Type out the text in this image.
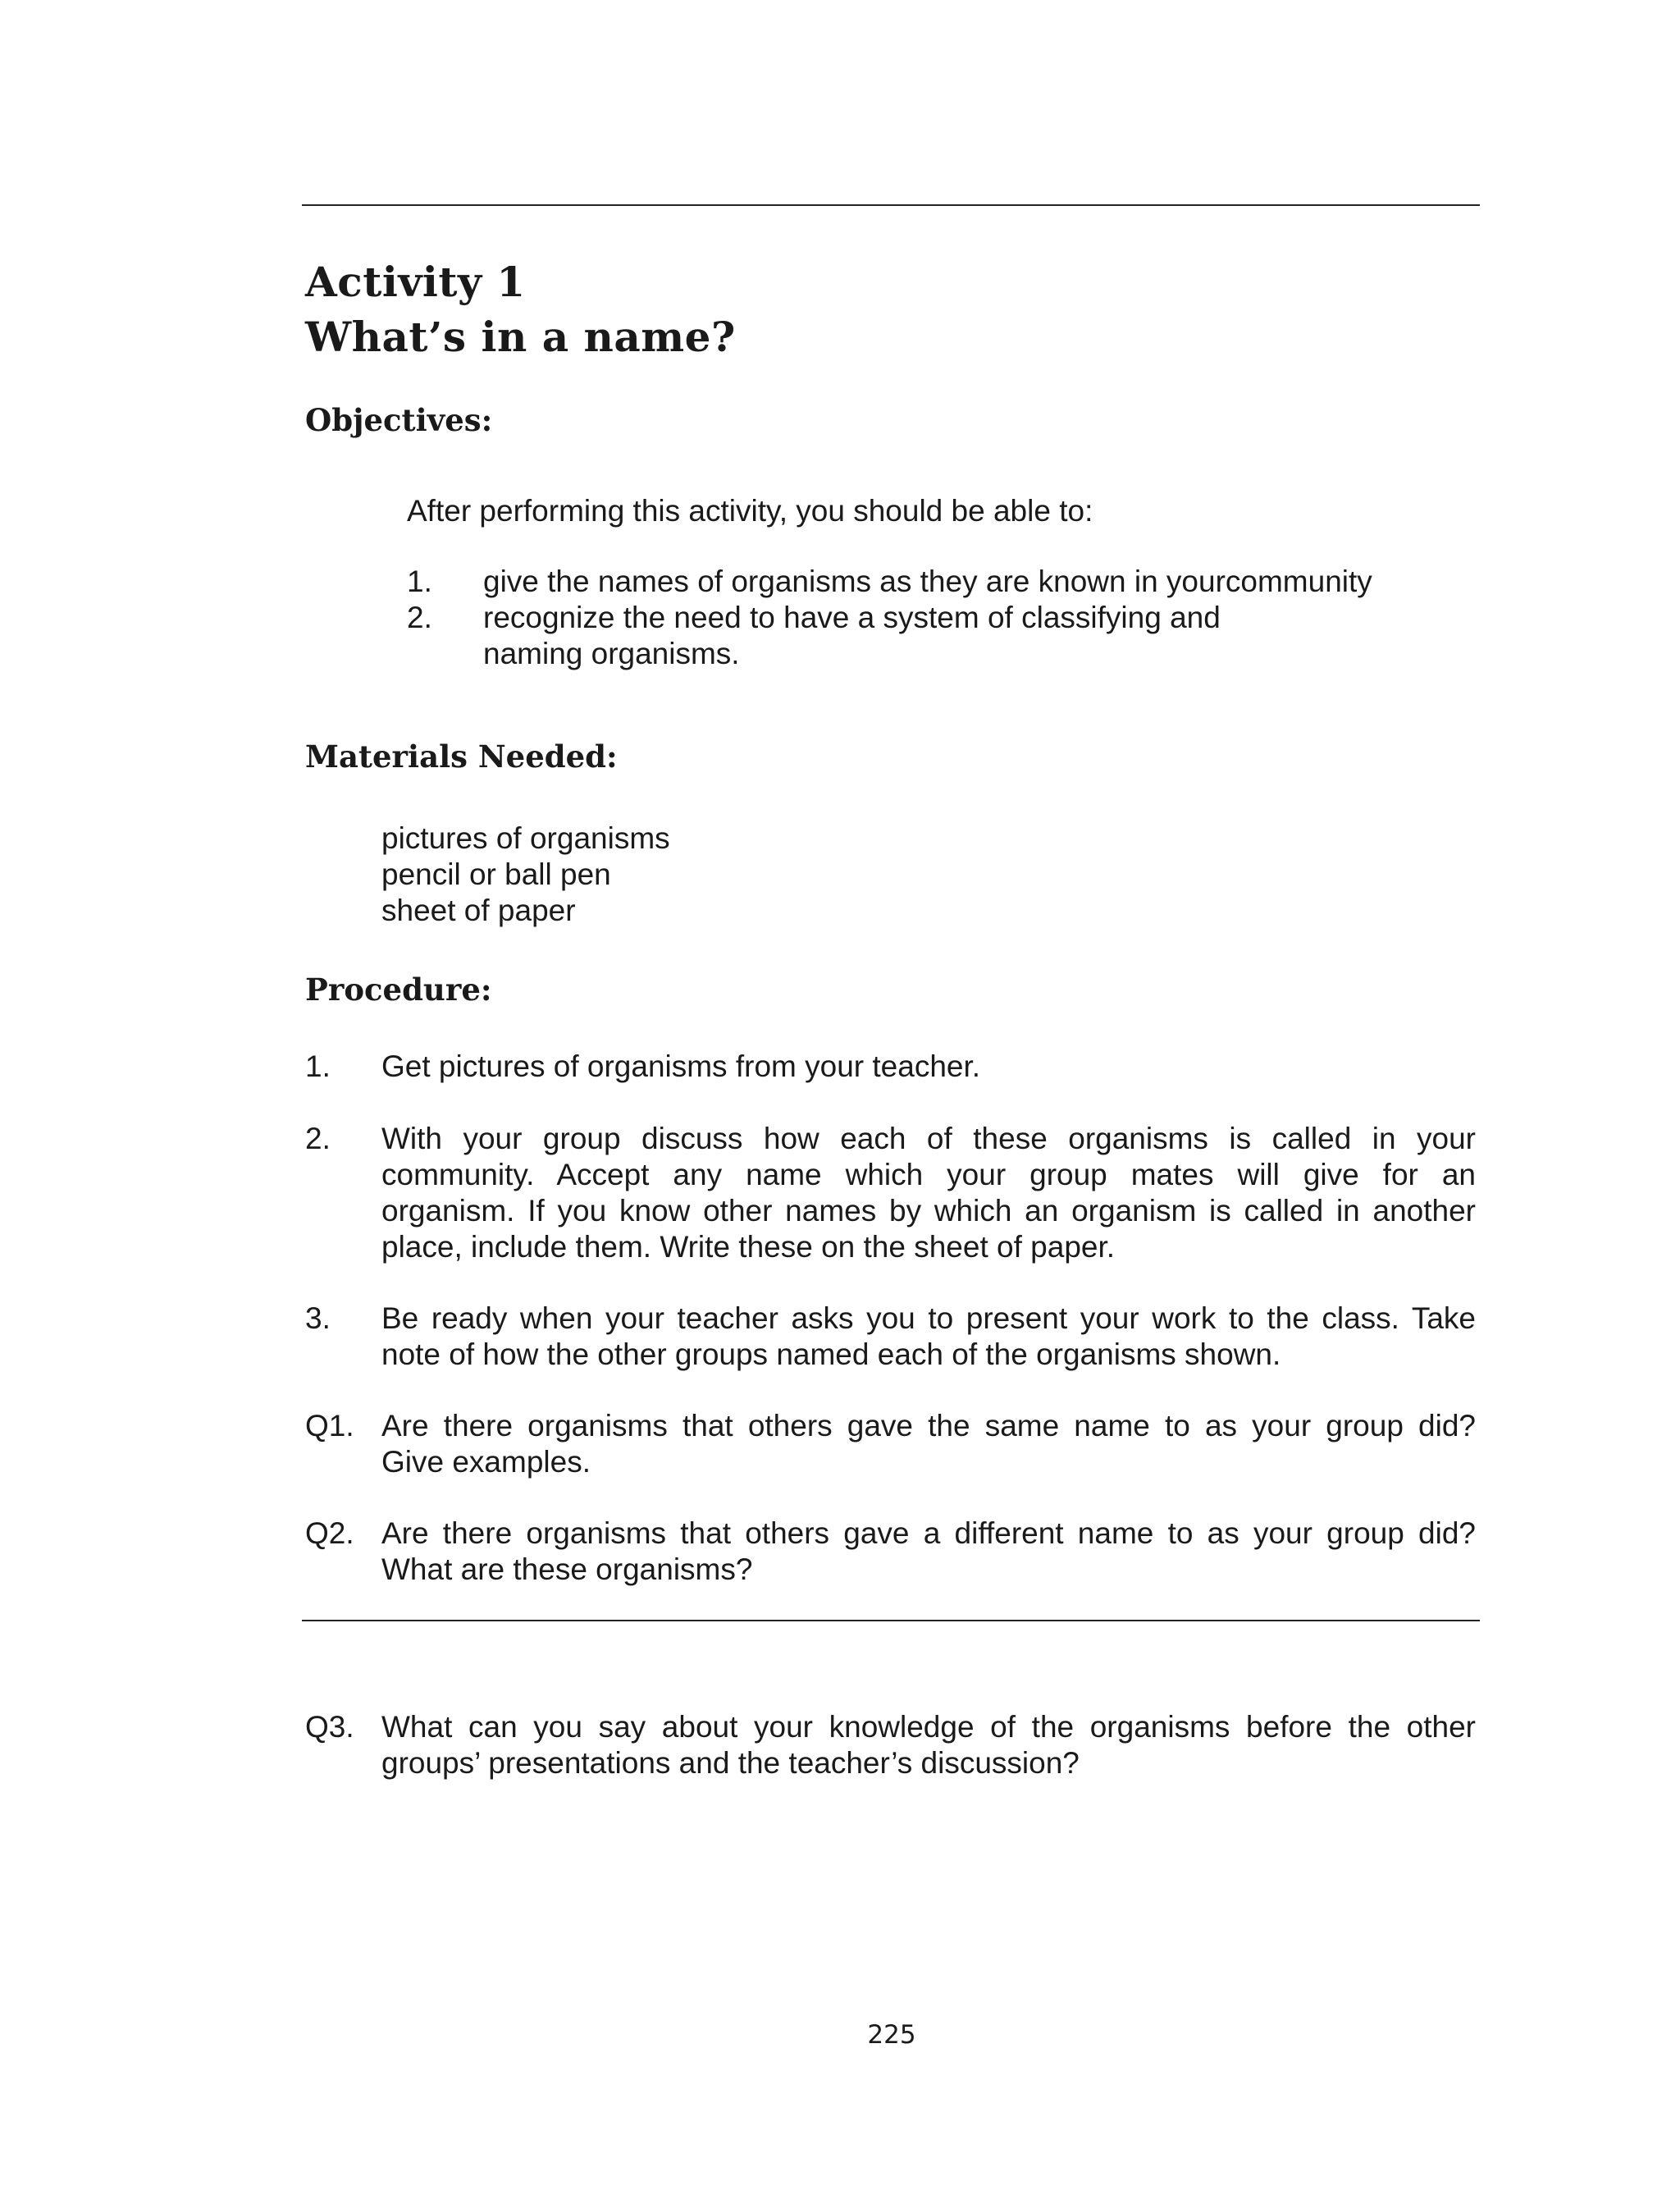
Activity 1
What’s in a name?
Objectives:
After performing this activity, you should be able to:
1. give the names of organisms as they are known in yourcommunity
2. recognize the need to have a system of classifying and
naming organisms.
Materials Needed:
pictures of organisms
pencil or ball pen
sheet of paper
Procedure:
1. Get pictures of organisms from your teacher.
2. With your group discuss how each of these organisms is called in your
community. Accept any name which your group mates will give for an
organism. If you know other names by which an organism is called in another
place, include them. Write these on the sheet of paper.
3. Be ready when your teacher asks you to present your work to the class. Take
note of how the other groups named each of the organisms shown.
Q1. Are there organisms that others gave the same name to as your group did?
Give examples.
Q2. Are there organisms that others gave a different name to as your group did?
What are these organisms?
Q3. What can you say about your knowledge of the organisms before the other
groups’ presentations and the teacher’s discussion?
225
